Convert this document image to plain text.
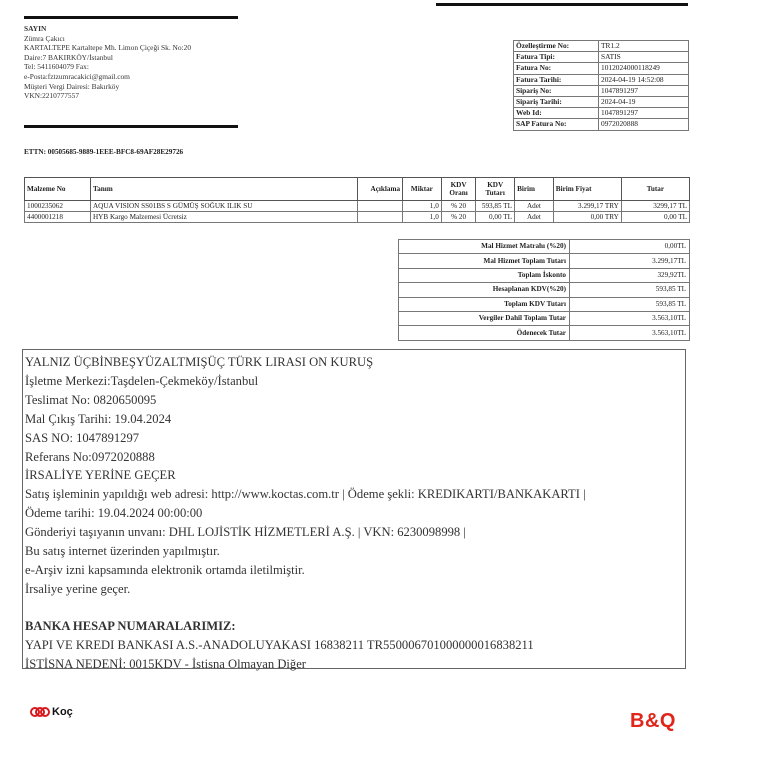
SAYIN
Zümra Çakıcı
KARTALTEPE Kartaltepe Mh. Limon Çiçeği Sk. No:20
Daire:7 BAKIRKÖY/İstanbul
Tel: 5411604079 Fax:
e-Posta:fztzumracakici@gmail.com
Müşteri Vergi Dairesi: Bakırköy
VKN:2210777557
Özelleştirme No:	TR1.2
Fatura Tipi:	SATIS
Fatura No:	1012024000118249
Fatura Tarihi:	2024-04-19 14:52:08
Sipariş No:	1047891297
Sipariş Tarihi:	2024-04-19
Web Id:	1047891297
SAP Fatura No:	0972020888
ETTN: 00505685-9889-1EEE-BFC8-69AF28E29726
Malzeme No	Tanım	Açıklama	Miktar	KDV Oranı	KDV Tutarı	Birim	Birim Fiyat	Tutar
1000235062	AQUA VISION SS01BS S GÜMÜŞ SOĞUK ILIK SU		1,0	% 20	593,85 TL	Adet	3.299,17 TRY	3299,17 TL
4400001218	HYB Kargo Malzemesi Ücretsiz		1,0	% 20	0,00 TL	Adet	0,00 TRY	0,00 TL
Mal Hizmet Matrahı (%20)	0,00TL
Mal Hizmet Toplam Tutarı	3.299,17TL
Toplam İskonto	329,92TL
Hesaplanan KDV(%20)	593,85 TL
Toplam KDV Tutarı	593,85 TL
Vergiler Dahil Toplam Tutar	3.563,10TL
Ödenecek Tutar	3.563,10TL
YALNIZ ÜÇBİNBEŞYÜZALTMIŞÜÇ TÜRK LIRASI ON KURUŞ
İşletme Merkezi:Taşdelen-Çekmeköy/İstanbul
Teslimat No: 0820650095
Mal Çıkış Tarihi: 19.04.2024
SAS NO: 1047891297
Referans No:0972020888
İRSALİYE YERİNE GEÇER
Satış işleminin yapıldığı web adresi: http://www.koctas.com.tr | Ödeme şekli: KREDIKARTI/BANKAKARTI |
Ödeme tarihi: 19.04.2024 00:00:00
Gönderiyi taşıyanın unvanı: DHL LOJİSTİK HİZMETLERİ A.Ş. | VKN: 6230098998 |
Bu satış internet üzerinden yapılmıştır.
e-Arşiv izni kapsamında elektronik ortamda iletilmiştir.
İrsaliye yerine geçer.
BANKA HESAP NUMARALARIMIZ:
YAPI VE KREDI BANKASI A.S.-ANADOLUYAKASI 16838211 TR550006701000000016838211
İSTİSNA NEDENİ: 0015KDV - İstisna Olmayan Diğer
Koç	B&Q
